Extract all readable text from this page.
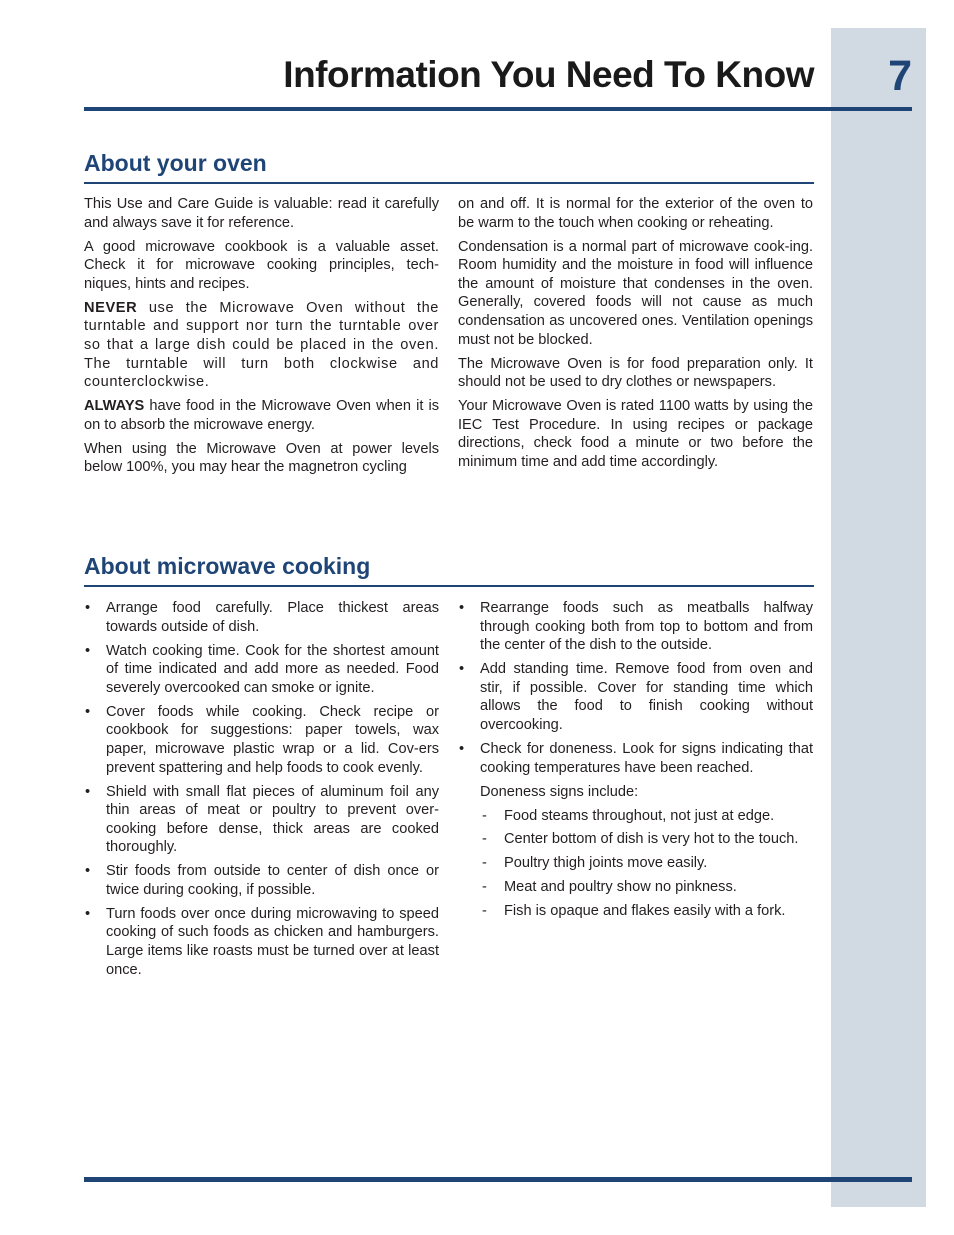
7
Information You Need To Know
About your oven

This Use and Care Guide is valuable: read it carefully and always save it for reference.

A good microwave cookbook is a valuable asset. Check it for microwave cooking principles, tech-niques, hints and recipes.

NEVER use the Microwave Oven without the turntable and support nor turn the turntable over so that a large dish could be placed in the oven. The turntable will turn both clockwise and counterclockwise.

ALWAYS have food in the Microwave Oven when it is on to absorb the microwave energy.

When using the Microwave Oven at power levels below 100%, you may hear the magnetron cycling

on and off. It is normal for the exterior of the oven to be warm to the touch when cooking or reheating.

Condensation is a normal part of microwave cook-ing. Room humidity and the moisture in food will influence the amount of moisture that condenses in the oven. Generally, covered foods will not cause as much condensation as uncovered ones. Ventilation openings must not be blocked.

The Microwave Oven is for food preparation only. It should not be used to dry clothes or newspapers.

Your Microwave Oven is rated 1100 watts by using the IEC Test Procedure. In using recipes or package directions, check food a minute or two before the minimum time and add time accordingly.

About microwave cooking
• Arrange food carefully. Place thickest areas towards outside of dish.
• Watch cooking time. Cook for the shortest amount of time indicated and add more as needed. Food severely overcooked can smoke or ignite.
• Cover foods while cooking. Check recipe or cookbook for suggestions: paper towels, wax paper, microwave plastic wrap or a lid. Cov-ers prevent spattering and help foods to cook evenly.
• Shield with small flat pieces of aluminum foil any thin areas of meat or poultry to prevent over-cooking before dense, thick areas are cooked thoroughly.
• Stir foods from outside to center of dish once or twice during cooking, if possible.
• Turn foods over once during microwaving to speed cooking of such foods as chicken and hamburgers. Large items like roasts must be turned over at least once.
• Rearrange foods such as meatballs halfway through cooking both from top to bottom and from the center of the dish to the outside.
• Add standing time. Remove food from oven and stir, if possible. Cover for standing time which allows the food to finish cooking without overcooking.
• Check for doneness. Look for signs indicating that cooking temperatures have been reached.
Doneness signs include:
- Food steams throughout, not just at edge.
- Center bottom of dish is very hot to the touch.
- Poultry thigh joints move easily.
- Meat and poultry show no pinkness.
- Fish is opaque and flakes easily with a fork.
